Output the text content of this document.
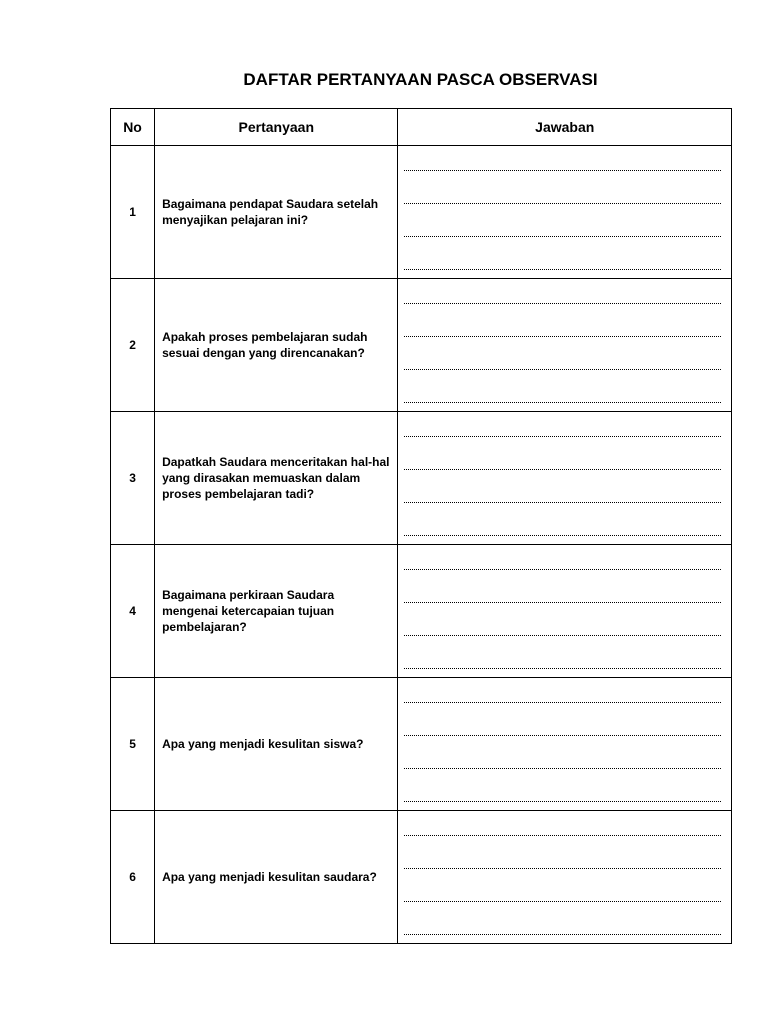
DAFTAR PERTANYAAN PASCA OBSERVASI
No	Pertanyaan	Jawaban
1	Bagaimana pendapat Saudara setelah menyajikan pelajaran ini?	

2	Apakah proses pembelajaran sudah sesuai dengan yang direncanakan?	

3	Dapatkah Saudara menceritakan hal-hal yang dirasakan memuaskan dalam proses pembelajaran tadi?	

4	Bagaimana perkiraan Saudara mengenai ketercapaian tujuan pembelajaran?	

5	Apa yang menjadi kesulitan siswa?	

6	Apa yang menjadi kesulitan saudara?	
